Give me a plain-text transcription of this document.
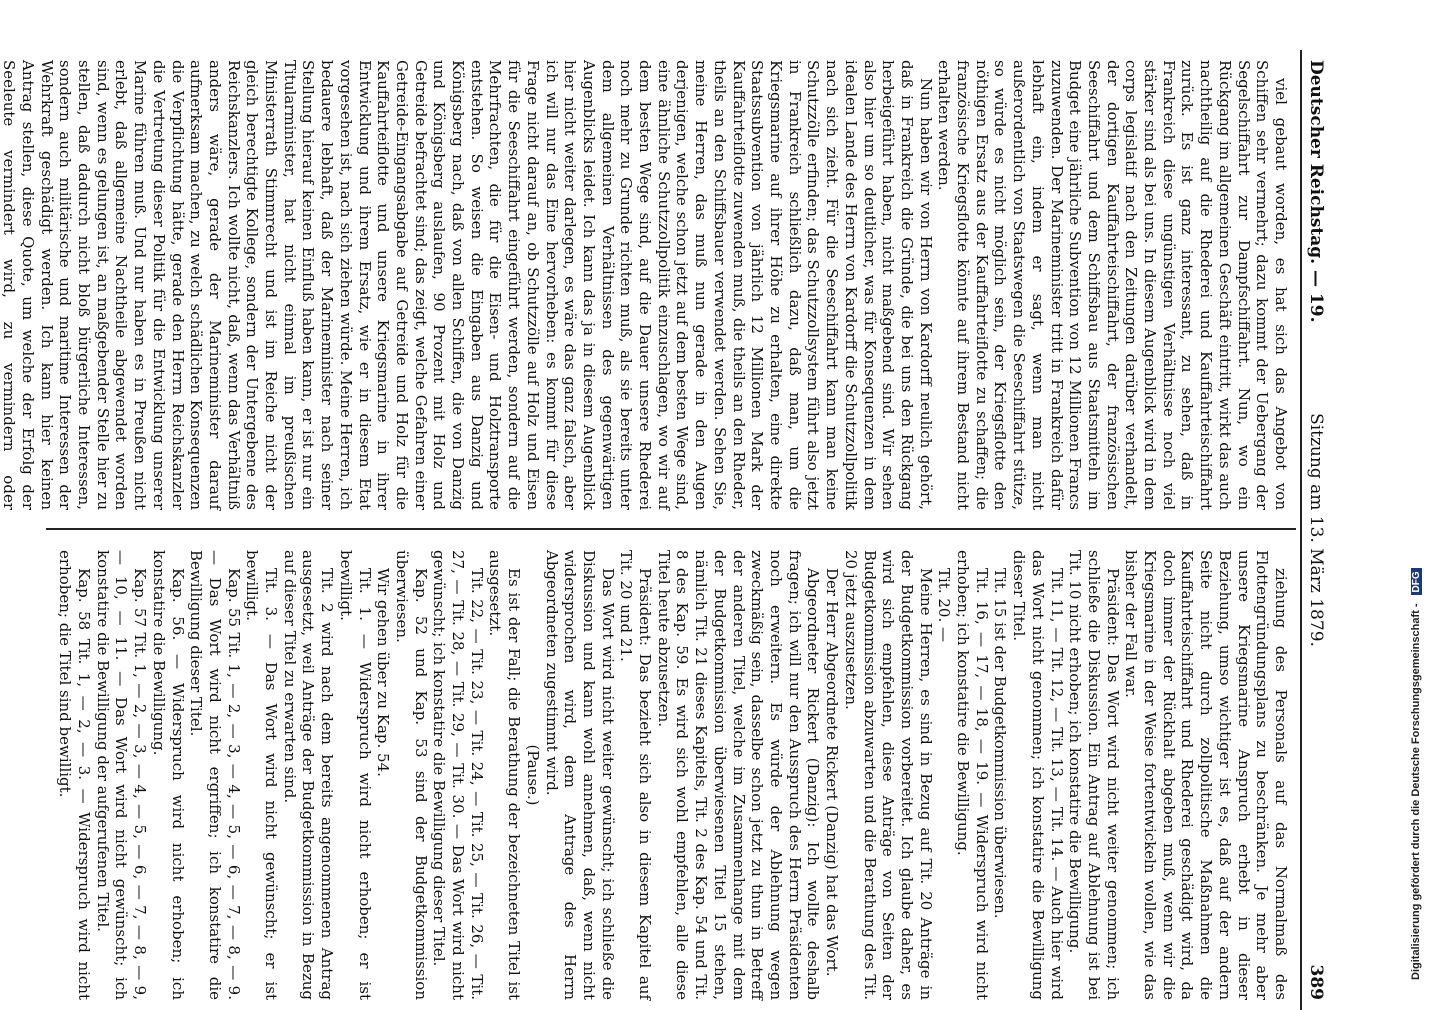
Deutscher Reichstag. — 19.
Sitzung am 13. März 1879.
389

viel gebaut worden, es hat sich das Angebot von Schiffen sehr vermehrt; dazu kommt der Uebergang der Segelschiffahrt zur Dampfschiffahrt. Nun, wo ein Rückgang im allgemeinen Geschäft eintritt, wirkt das auch nachtheilig auf die Rhederei und Kauffahrteischiffahrt zurück. Es ist ganz interessant, zu sehen, daß in Frankreich diese ungünstigen Verhältnisse noch viel stärker sind als bei uns. In diesem Augenblick wird in dem corps legislatif nach den Zeitungen darüber verhandelt, der dortigen Kauffahrteischiffahrt, der französischen Seeschiffahrt und dem Schiffsbau aus Staatsmitteln im Budget eine jährliche Subvention von 12 Millionen Francs zuzuwenden. Der Marineminister tritt in Frankreich dafür lebhaft ein, indem er sagt, wenn man nicht außerordentlich von Staatswegen die Seeschiffahrt stütze, so würde es nicht möglich sein, der Kriegsflotte den nöthigen Ersatz aus der Kauffahrteiflotte zu schaffen; die französische Kriegsflotte könnte auf ihrem Bestand nicht erhalten werden.

Nun haben wir von Herrn von Kardorff neulich gehört, daß in Frankreich die Gründe, die bei uns den Rückgang herbeigeführt haben, nicht maßgebend sind. Wir sehen also hier um so deutlicher, was für Konsequenzen in dem idealen Lande des Herrn von Kardorff die Schutzzollpolitik nach sich zieht. Für die Seeschiffahrt kann man keine Schutzzölle erfinden; das Schutzzollsystem führt also jetzt in Frankreich schließlich dazu, daß man, um die Kriegsmarine auf ihrer Höhe zu erhalten, eine direkte Staatssubvention von jährlich 12 Millionen Mark der Kauffahrteiflotte zuwenden muß, die theils an den Rheder, theils an den Schiffsbauer verwendet werden. Sehen Sie, meine Herren, das muß nun gerade in den Augen derjenigen, welche schon jetzt auf dem besten Wege sind, eine ähnliche Schutzzollpolitik einzuschlagen, wo wir auf dem besten Wege sind, auf die Dauer unsere Rhederei noch mehr zu Grunde richten muß, als sie bereits unter dem allgemeinen Verhältnissen des gegenwärtigen Augenblicks leidet. Ich kann das ja in diesem Augenblick hier nicht weiter darlegen, es wäre das ganz falsch, aber ich will nur das Eine hervorheben: es kommt für diese Frage nicht darauf an, ob Schutzzölle auf Holz und Eisen für die Seeschiffahrt eingeführt werden, sondern auf die Mehrfrachten, die für die Eisen- und Holztransporte entstehen. So weisen die Eingaben aus Danzig und Königsberg nach, daß von allen Schiffen, die von Danzig und Königsberg auslaufen, 90 Prozent mit Holz und Getreide befrachtet sind; das zeigt, welche Gefahren einer Getreide-Eingangsabgabe auf Getreide und Holz für die Kauffahrteiflotte und unsere Kriegsmarine in ihrer Entwicklung und ihrem Ersatz, wie er in diesem Etat vorgesehen ist, nach sich ziehen würde. Meine Herren, ich bedauere lebhaft, daß der Marineminister nach seiner Stellung hierauf keinen Einfluß haben kann, er ist nur ein Titularminister, hat nicht einmal im preußischen Ministerrath Stimmrecht und ist im Reiche nicht der gleich berechtigte Kollege, sondern der Untergebene des Reichskanzlers. Ich wollte nicht, daß, wenn das Verhältniß anders wäre, gerade der Marineminister darauf aufmerksam machen, zu welch schädlichen Konsequenzen die Verpflichtung hätte, gerade den Herrn Reichskanzler die Vertretung dieser Politik für die Entwicklung unserer Marine führen muß. Und nur haben es in Preußen nicht erlebt, daß allgemeine Nachtheile abgewendet worden sind, wenn es gelungen ist, an maßgebender Stelle hier zu stellen, daß dadurch nicht bloß bürgerliche Interessen, sondern auch militärische und maritime Interessen der Wehrkraft geschädigt werden. Ich kann hier keinen Antrag stellen, diese Quote, um welche der Erfolg der Seeleute vermindert wird, zu vermindern oder

ziehung des Personals auf das Normalmaß des Flottengründungsplans zu beschränken. Je mehr aber unsere Kriegsmarine Anspruch erhebt in dieser Beziehung, umso wichtiger ist es, daß auf der andern Seite nicht durch zollpolitische Maßnahmen die Kauffahrteischiffahrt und Rhederei geschädigt wird, da doch immer der Rückhalt abgeben muß, wenn wir die Kriegsmarine in der Weise fortentwickeln wollen, wie das bisher der Fall war.

Präsident: Das Wort wird nicht weiter genommen; ich schließe die Diskussion. Ein Antrag auf Ablehnung ist bei Tit. 10 nicht erhoben; ich konstatire die Bewilligung.

Tit. 11, — Tit. 12, — Tit. 13, — Tit. 14. — Auch hier wird das Wort nicht genommen; ich konstatire die Bewilligung dieser Titel.

Tit. 15 ist der Budgetkommission überwiesen.

Tit. 16, — 17, — 18, — 19. — Widerspruch wird nicht erhoben; ich konstatire die Bewilligung.

Tit. 20. —

Meine Herren, es sind in Bezug auf Tit. 20 Anträge in der Budgetkommission vorbereitet. Ich glaube daher, es wird sich empfehlen, diese Anträge von Seiten der Budgetkommission abzuwarten und die Berathung des Tit. 20 jetzt auszusetzen.

Der Herr Abgeordnete Rickert (Danzig) hat das Wort.

Abgeordneter Rickert (Danzig): Ich wollte deshalb fragen; ich will nur den Ausspruch des Herrn Präsidenten noch erweitern. Es würde der Ablehnung wegen zweckmäßig sein, dasselbe schon jetzt zu thun in Betreff der anderen Titel, welche im Zusammenhange mit dem der Budgetkommission überwiesenen Titel 15 stehen, nämlich Tit. 21 dieses Kapitels, Tit. 2 des Kap. 54 und Tit. 8 des Kap. 59. Es wird sich wohl empfehlen, alle diese Titel heute abzusetzen.

Präsident: Das bezieht sich also in diesem Kapitel auf Tit. 20 und 21.

Das Wort wird nicht weiter gewünscht; ich schließe die Diskussion und kann wohl annehmen, daß, wenn nicht widersprochen wird, dem Antrage des Herrn Abgeordneten zugestimmt wird.

(Pause.)

Es ist der Fall; die Berathung der bezeichneten Titel ist ausgesetzt.

Tit. 22, — Tit. 23, — Tit. 24, — Tit. 25, — Tit. 26, — Tit. 27, — Tit. 28, — Tit. 29, — Tit. 30. — Das Wort wird nicht gewünscht; ich konstatire die Bewilligung dieser Titel.

Kap. 52 und Kap. 53 sind der Budgetkommission überwiesen.

Wir gehen über zu Kap. 54.

Tit. 1. — Widerspruch wird nicht erhoben; er ist bewilligt.

Tit. 2 wird nach dem bereits angenommenen Antrag ausgesetzt, weil Anträge der Budgetkommission in Bezug auf dieser Titel zu erwarten sind.

Tit. 3. — Das Wort wird nicht gewünscht; er ist bewilligt.

Kap. 55 Tit. 1, — 2, — 3, — 4, — 5, — 6, — 7, — 8, — 9. — Das Wort wird nicht ergriffen; ich konstatire die Bewilligung dieser Titel.

Kap. 56. — Widerspruch wird nicht erhoben; ich konstatire die Bewilligung.

Kap. 57 Tit. 1, — 2, — 3, — 4, — 5, — 6, — 7, — 8, — 9, — 10, — 11. — Das Wort wird nicht gewünscht; ich konstatire die Bewilligung der aufgerufenen Titel.

Kap. 58 Tit. 1, — 2, — 3. — Widerspruch wird nicht erhoben; die Titel sind bewilligt.	Digitalisierung gefördert durch die Deutsche Forschungsgemeinschaft -DFG
